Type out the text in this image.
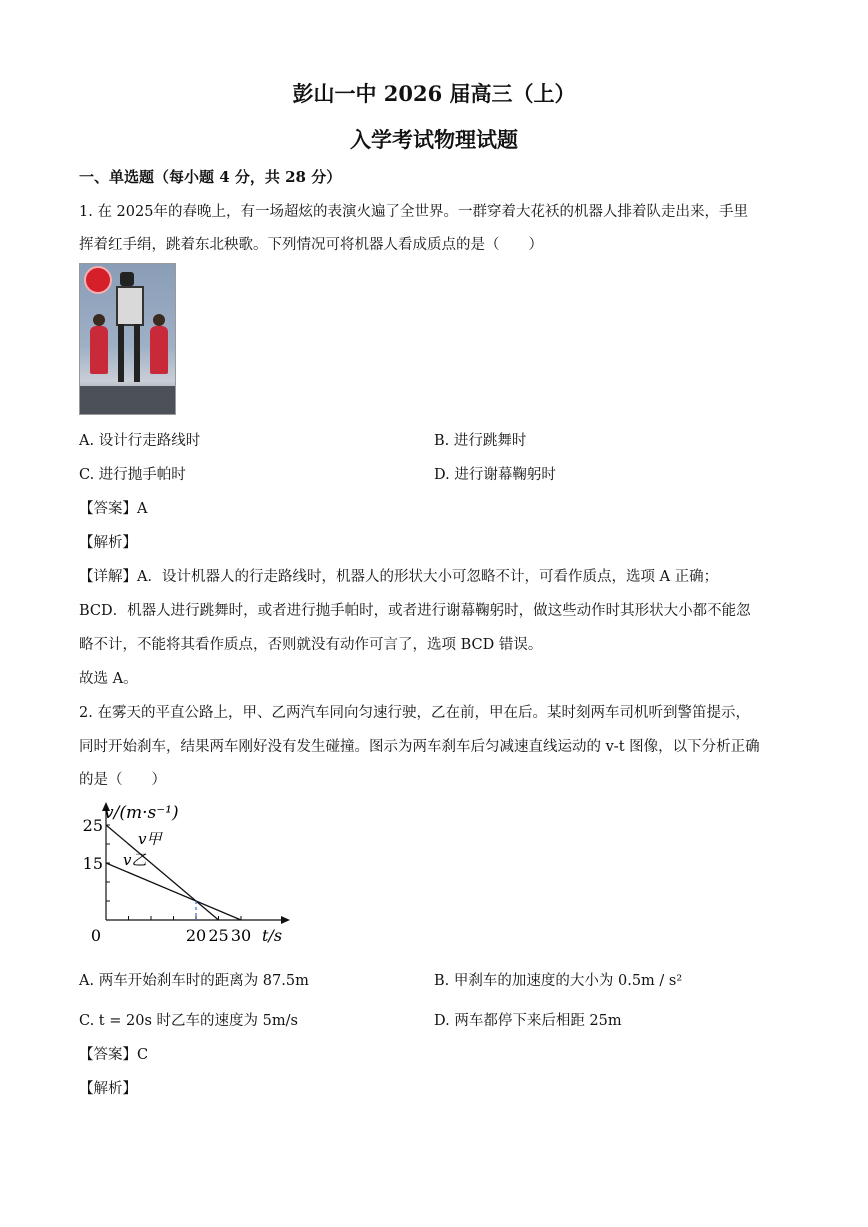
彭山一中 2026 届高三（上）
入学考试物理试题
一、单选题（每小题 4 分，共 28 分）
1. 在 2025年的春晚上，有一场超炫的表演火遍了全世界。一群穿着大花袄的机器人排着队走出来，手里
挥着红手绢，跳着东北秧歌。下列情况可将机器人看成质点的是（　　）
A. 设计行走路线时	B. 进行跳舞时
C. 进行抛手帕时	D. 进行谢幕鞠躬时
【答案】A
【解析】
【详解】A．设计机器人的行走路线时，机器人的形状大小可忽略不计，可看作质点，选项 A 正确；
BCD．机器人进行跳舞时，或者进行抛手帕时，或者进行谢幕鞠躬时，做这些动作时其形状大小都不能忽
略不计，不能将其看作质点，否则就没有动作可言了，选项 BCD 错误。
故选 A。
2. 在雾天的平直公路上，甲、乙两汽车同向匀速行驶，乙在前，甲在后。某时刻两车司机听到警笛提示，
同时开始刹车，结果两车刚好没有发生碰撞。图示为两车刹车后匀减速直线运动的 v-t 图像，以下分析正确
的是（　　）
v/(m·s⁻¹)
t/s
0	20 25 30
15
25
v甲
v乙
A. 两车开始刹车时的距离为 87.5m	B. 甲刹车的加速度的大小为 0.5m / s²
C. t = 20s 时乙车的速度为 5m/s	D. 两车都停下来后相距 25m
【答案】C
【解析】
